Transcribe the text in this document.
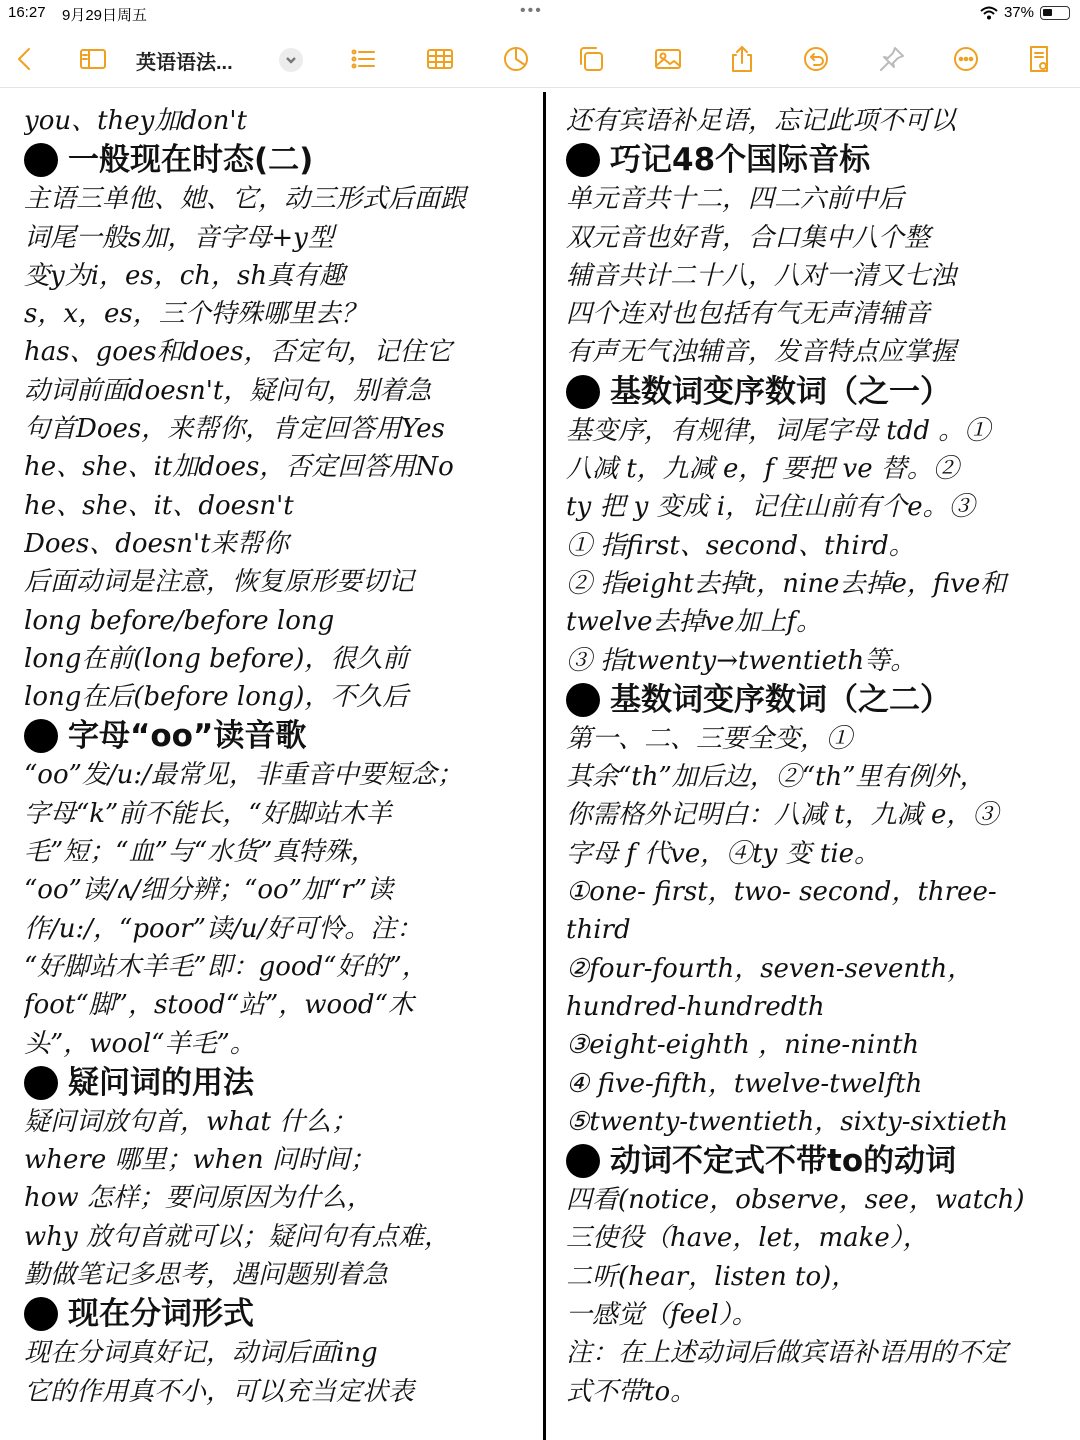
16:27 9月29日周五	•••	37%
英语语法...
you、they加don't
一般现在时态(二)
主语三单他、她、它，动三形式后面跟
词尾一般s加，音字母+y型
变y为i，es，ch，sh真有趣
s，x，es，三个特殊哪里去？
has、goes和does，否定句，记住它
动词前面doesn't，疑问句，别着急
句首Does，来帮你，肯定回答用Yes
he、she、it加does，否定回答用No
he、she、it、doesn't
Does、doesn't来帮你
后面动词是注意，恢复原形要切记
long before/before long
long在前(long before)，很久前
long在后(before long)，不久后
字母“oo”读音歌
“oo”发/u:/最常见，非重音中要短念；
字母“k”前不能长，“好脚站木羊
毛”短；“血”与“水货”真特殊，
“oo”读/ʌ/细分辨；“oo”加“r”读
作/u:/，“poor”读/u/好可怜。注：
“好脚站木羊毛”即：good“好的”，
foot“脚”，stood“站”，wood“木
头”，wool“羊毛”。
疑问词的用法
疑问词放句首，what 什么；
where 哪里；when 问时间；
how 怎样；要问原因为什么，
why 放句首就可以；疑问句有点难，
勤做笔记多思考，遇问题别着急
现在分词形式
现在分词真好记，动词后面ing
它的作用真不小，可以充当定状表
还有宾语补足语，忘记此项不可以
巧记48个国际音标
单元音共十二，四二六前中后
双元音也好背，合口集中八个整
辅音共计二十八，八对一清又七浊
四个连对也包括有气无声清辅音
有声无气浊辅音，发音特点应掌握
基数词变序数词（之一）
基变序，有规律，词尾字母 tdd 。①
八减 t，九减 e，f 要把 ve 替。②
ty 把 y 变成 i，记住山前有个e。③
① 指first、second、third。
② 指eight去掉t，nine去掉e，five和
twelve去掉ve加上f。
③ 指twenty→twentieth等。
基数词变序数词（之二）
第一、二、三要全变，①
其余“th”加后边，②“th”里有例外，
你需格外记明白：八减 t，九减 e，③
字母 f 代ve，④ty 变 tie。
①one- first，two- second，three-
third
②four-fourth，seven-seventh，
hundred-hundredth
③eight-eighth ，nine-ninth
④ five-fifth，twelve-twelfth
⑤twenty-twentieth，sixty-sixtieth
动词不定式不带to的动词
四看(notice，observe，see，watch)
三使役（have，let，make），
二听(hear，listen to)，
一感觉（feel）。
注：在上述动词后做宾语补语用的不定
式不带to。
